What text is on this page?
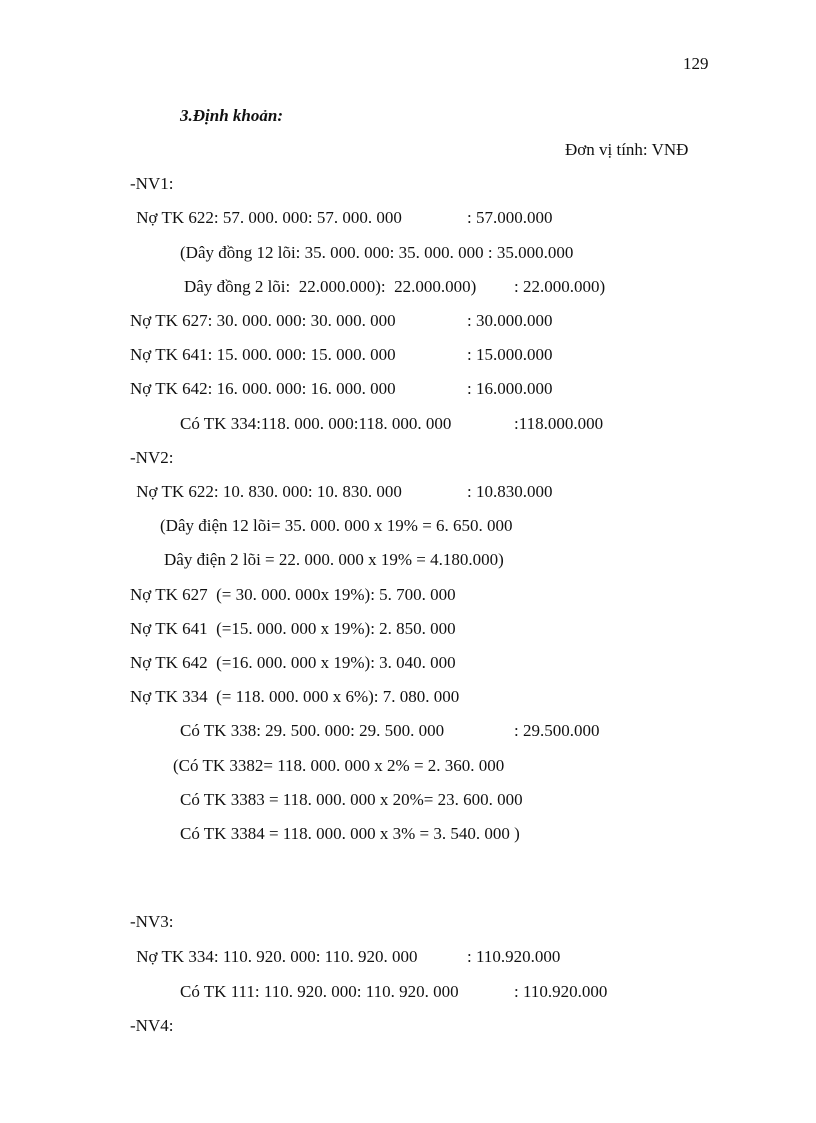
129
3.Định khoản:
Đơn vị tính: VNĐ
-NV1:
Nợ TK 622: 57. 000. 000: 57. 000. 000	: 57.000.000
(Dây đồng 12 lõi: 35. 000. 000: 35. 000. 000 : 35.000.000
Dây đồng 2 lõi:  22.000.000):  22.000.000) : 22.000.000)
Nợ TK 627: 30. 000. 000: 30. 000. 000	: 30.000.000
Nợ TK 641: 15. 000. 000: 15. 000. 000	: 15.000.000
Nợ TK 642: 16. 000. 000: 16. 000. 000	: 16.000.000
Có TK 334:118. 000. 000:118. 000. 000	:118.000.000
-NV2:
Nợ TK 622: 10. 830. 000: 10. 830. 000	: 10.830.000
(Dây điện 12 lõi= 35. 000. 000 x 19% = 6. 650. 000
Dây điện 2 lõi = 22. 000. 000 x 19% = 4.180.000)
Nợ TK 627  (= 30. 000. 000x 19%): 5. 700. 000
Nợ TK 641  (=15. 000. 000 x 19%): 2. 850. 000
Nợ TK 642  (=16. 000. 000 x 19%): 3. 040. 000
Nợ TK 334  (= 118. 000. 000 x 6%): 7. 080. 000
Có TK 338: 29. 500. 000: 29. 500. 000	: 29.500.000
(Có TK 3382= 118. 000. 000 x 2% = 2. 360. 000
Có TK 3383 = 118. 000. 000 x 20%= 23. 600. 000
Có TK 3384 = 118. 000. 000 x 3% = 3. 540. 000 )
-NV3:
Nợ TK 334: 110. 920. 000: 110. 920. 000	: 110.920.000
Có TK 111: 110. 920. 000: 110. 920. 000	: 110.920.000
-NV4:
